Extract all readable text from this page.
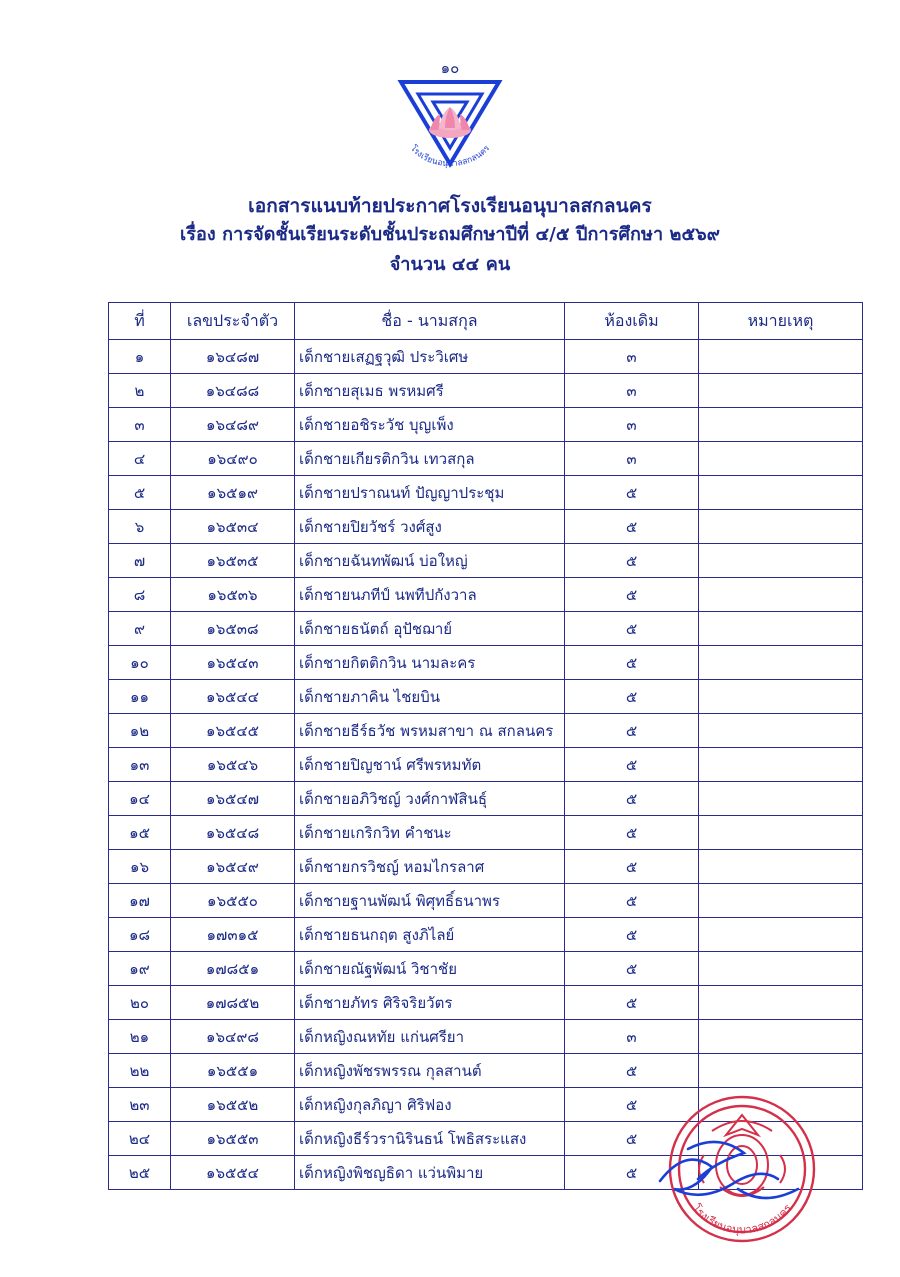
๑๐
โรงเรียนอนุบาลสกลนคร
เอกสารแนบท้ายประกาศโรงเรียนอนุบาลสกลนคร
เรื่อง การจัดชั้นเรียนระดับชั้นประถมศึกษาปีที่ ๔/๕ ปีการศึกษา ๒๕๖๙
จำนวน ๔๔ คน
ที่	เลขประจำตัว	ชื่อ - นามสกุล	ห้องเดิม	หมายเหตุ
๑	๑๖๔๘๗	เด็กชายเสฏฐวุฒิ ประวิเศษ	๓	
๒	๑๖๔๘๘	เด็กชายสุเมธ พรหมศรี	๓	
๓	๑๖๔๘๙	เด็กชายอชิระวัช บุญเพ็ง	๓	
๔	๑๖๔๙๐	เด็กชายเกียรติกวิน เทวสกุล	๓	
๕	๑๖๕๑๙	เด็กชายปราณนท์ ปัญญาประชุม	๕	
๖	๑๖๕๓๔	เด็กชายปิยวัชร์ วงศ์สูง	๕	
๗	๑๖๕๓๕	เด็กชายฉันทพัฒน์ บ่อใหญ่	๕	
๘	๑๖๕๓๖	เด็กชายนภทีป์ นพทีปกังวาล	๕	
๙	๑๖๕๓๘	เด็กชายธนัตถ์ อุปัชฌาย์	๕	
๑๐	๑๖๕๔๓	เด็กชายกิตติกวิน นามละคร	๕	
๑๑	๑๖๕๔๔	เด็กชายภาคิน ไชยบิน	๕	
๑๒	๑๖๕๔๕	เด็กชายธีร์ธวัช พรหมสาขา ณ สกลนคร	๕	
๑๓	๑๖๕๔๖	เด็กชายปิญชาน์ ศรีพรหมทัต	๕	
๑๔	๑๖๕๔๗	เด็กชายอภิวิชญ์ วงศ์กาฬสินธุ์	๕	
๑๕	๑๖๕๔๘	เด็กชายเกริกวิท คำชนะ	๕	
๑๖	๑๖๕๔๙	เด็กชายกรวิชญ์ หอมไกรลาศ	๕	
๑๗	๑๖๕๕๐	เด็กชายฐานพัฒน์ พิศุทธิ์ธนาพร	๕	
๑๘	๑๗๓๑๕	เด็กชายธนกฤต สูงภิไลย์	๕	
๑๙	๑๗๘๕๑	เด็กชายณัฐพัฒน์ วิชาชัย	๕	
๒๐	๑๗๘๕๒	เด็กชายภัทร ศิริจริยวัตร	๕	
๒๑	๑๖๔๙๘	เด็กหญิงณหทัย แก่นศรียา	๓	
๒๒	๑๖๕๕๑	เด็กหญิงพัชรพรรณ กุลสานต์	๕	
๒๓	๑๖๕๕๒	เด็กหญิงกุลภิญา ศิริฟอง	๕	
๒๔	๑๖๕๕๓	เด็กหญิงธีร์วรานิรินธน์ โพธิสระแสง	๕	
๒๕	๑๖๕๕๔	เด็กหญิงพิชญธิดา แว่นพิมาย	๕	
โรงเรียนอนุบาลสกลนคร
